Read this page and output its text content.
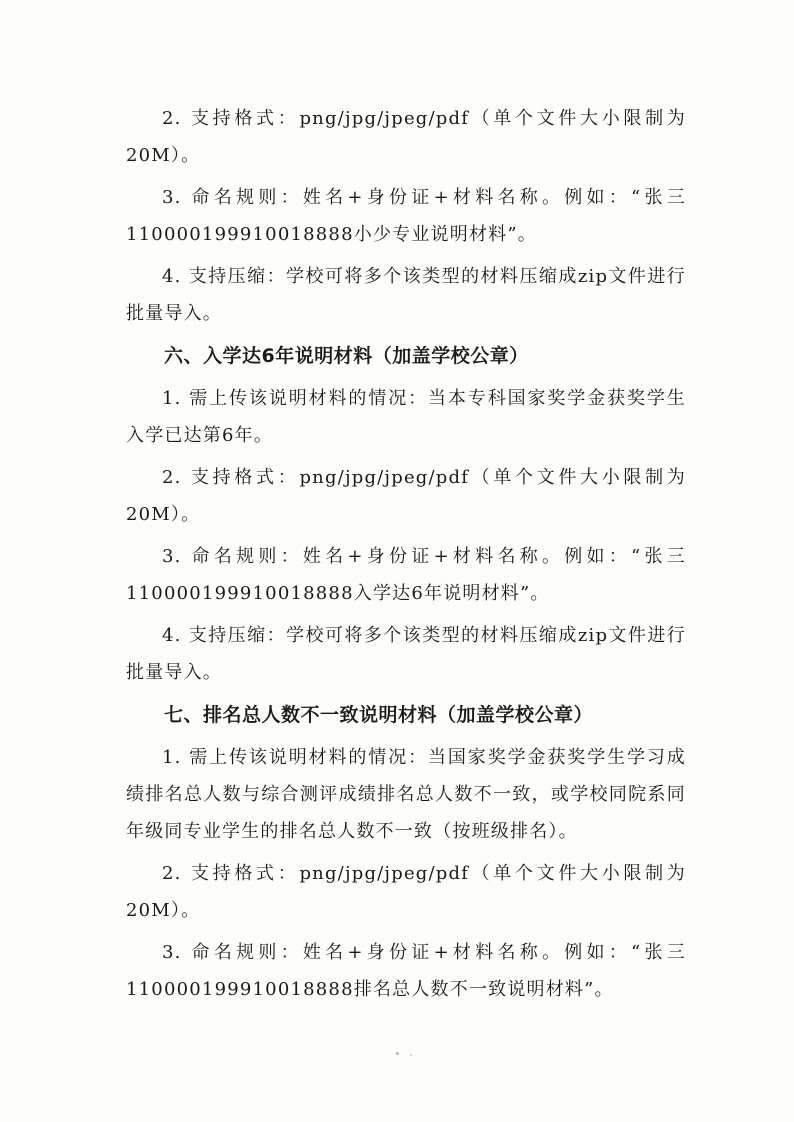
2. 支持格式：png/jpg/jpeg/pdf（单个文件大小限制为20M）。

3. 命名规则：姓名+身份证+材料名称。例如：“张三110000199910018888小少专业说明材料”。

4. 支持压缩：学校可将多个该类型的材料压缩成zip文件进行批量导入。

六、入学达6年说明材料（加盖学校公章）

1. 需上传该说明材料的情况：当本专科国家奖学金获奖学生入学已达第6年。

2. 支持格式：png/jpg/jpeg/pdf（单个文件大小限制为20M）。

3. 命名规则：姓名+身份证+材料名称。例如：“张三110000199910018888入学达6年说明材料”。

4. 支持压缩：学校可将多个该类型的材料压缩成zip文件进行批量导入。

七、排名总人数不一致说明材料（加盖学校公章）

1. 需上传该说明材料的情况：当国家奖学金获奖学生学习成绩排名总人数与综合测评成绩排名总人数不一致，或学校同院系同年级同专业学生的排名总人数不一致（按班级排名）。

2. 支持格式：png/jpg/jpeg/pdf（单个文件大小限制为20M）。

3. 命名规则：姓名+身份证+材料名称。例如：“张三110000199910018888排名总人数不一致说明材料”。
